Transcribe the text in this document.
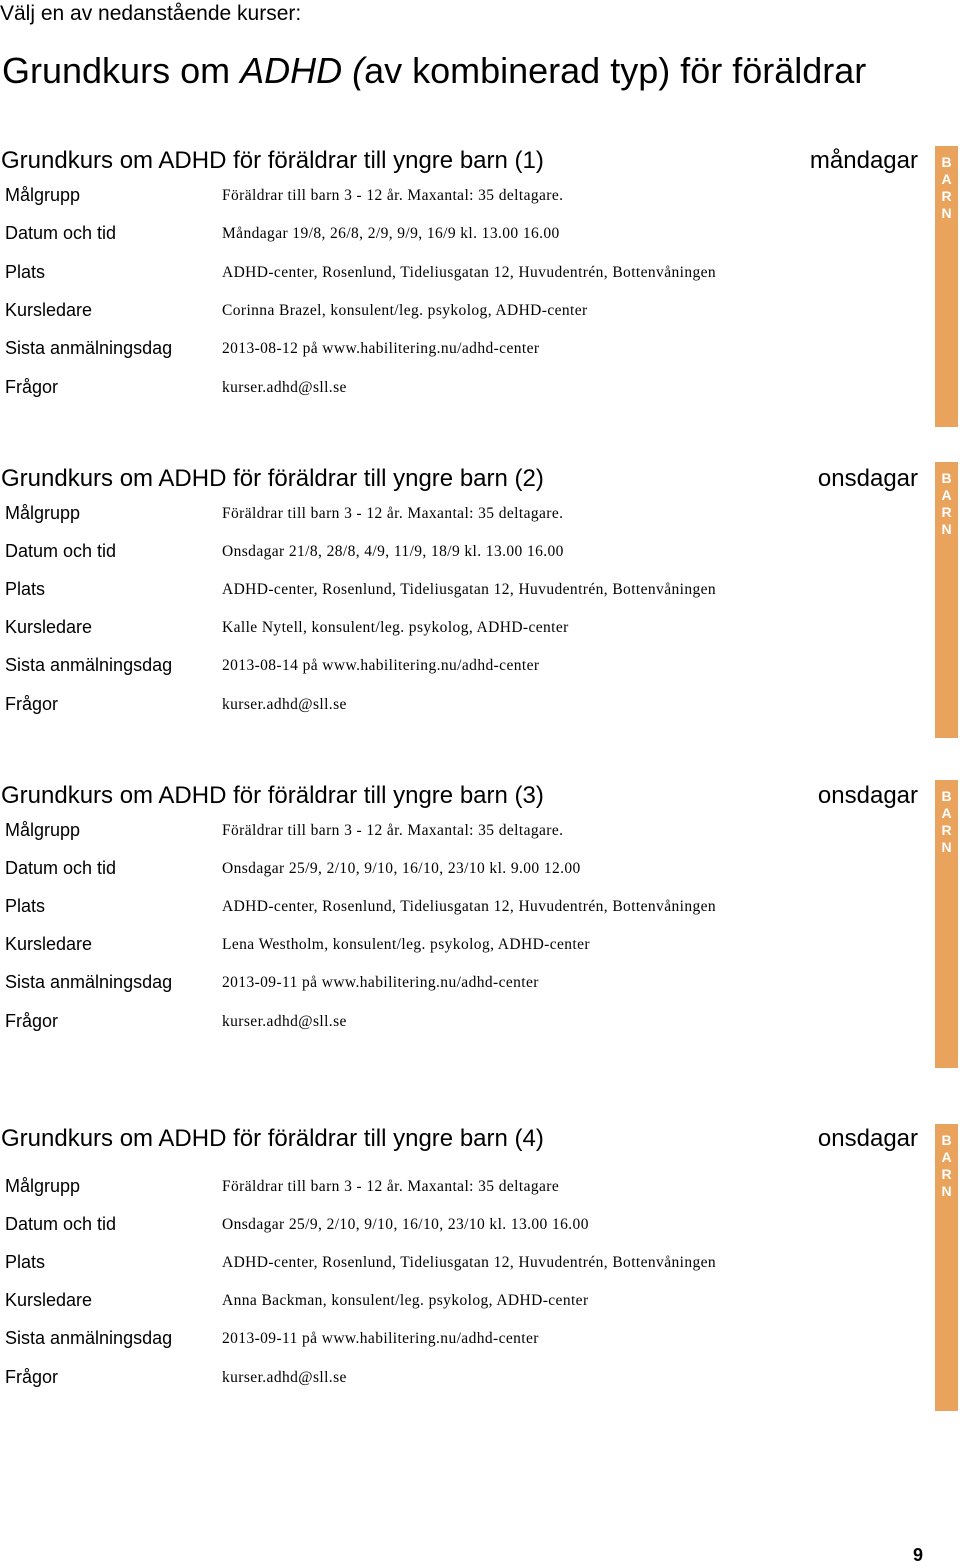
Välj en av nedanstående kurser:
Grundkurs om ADHD (av kombinerad typ) för föräldrar
Grundkurs om ADHD för föräldrar till yngre barn (1)	måndagar
Målgrupp	Föräldrar till barn 3 - 12 år. Maxantal: 35 deltagare.
Datum och tid	Måndagar 19/8, 26/8, 2/9, 9/9, 16/9 kl. 13.00 16.00
Plats	ADHD-center, Rosenlund, Tideliusgatan 12, Huvudentrén, Bottenvåningen
Kursledare	Corinna Brazel, konsulent/leg. psykolog, ADHD-center
Sista anmälningsdag	2013-08-12 på www.habilitering.nu/adhd-center
Frågor	kurser.adhd@sll.se
B
A
R
N
Grundkurs om ADHD för föräldrar till yngre barn (2)	onsdagar
Målgrupp	Föräldrar till barn 3 - 12 år. Maxantal: 35 deltagare.
Datum och tid	Onsdagar 21/8, 28/8, 4/9, 11/9, 18/9 kl. 13.00 16.00
Plats	ADHD-center, Rosenlund, Tideliusgatan 12, Huvudentrén, Bottenvåningen
Kursledare	Kalle Nytell, konsulent/leg. psykolog, ADHD-center
Sista anmälningsdag	2013-08-14 på www.habilitering.nu/adhd-center
Frågor	kurser.adhd@sll.se
B
A
R
N
Grundkurs om ADHD för föräldrar till yngre barn (3)	onsdagar
Målgrupp	Föräldrar till barn 3 - 12 år. Maxantal: 35 deltagare.
Datum och tid	Onsdagar 25/9, 2/10, 9/10, 16/10, 23/10 kl. 9.00 12.00
Plats	ADHD-center, Rosenlund, Tideliusgatan 12, Huvudentrén, Bottenvåningen
Kursledare	Lena Westholm, konsulent/leg. psykolog, ADHD-center
Sista anmälningsdag	2013-09-11 på www.habilitering.nu/adhd-center
Frågor	kurser.adhd@sll.se
B
A
R
N
Grundkurs om ADHD för föräldrar till yngre barn (4)	onsdagar
Målgrupp	Föräldrar till barn 3 - 12 år. Maxantal: 35 deltagare
Datum och tid	Onsdagar 25/9, 2/10, 9/10, 16/10, 23/10 kl. 13.00 16.00
Plats	ADHD-center, Rosenlund, Tideliusgatan 12, Huvudentrén, Bottenvåningen
Kursledare	Anna Backman, konsulent/leg. psykolog, ADHD-center
Sista anmälningsdag	2013-09-11 på www.habilitering.nu/adhd-center
Frågor	kurser.adhd@sll.se
B
A
R
N
9
